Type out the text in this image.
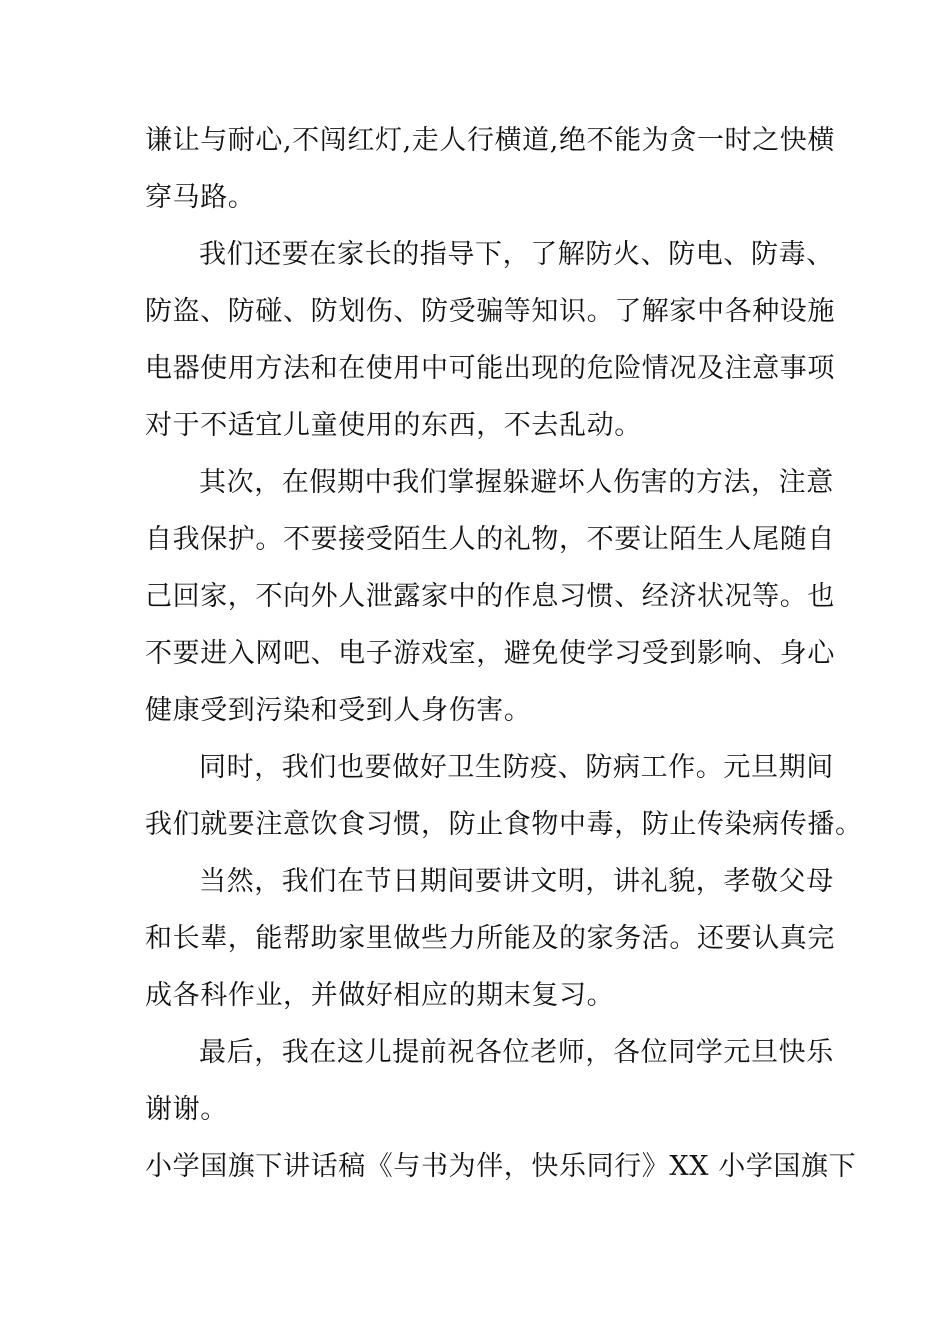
谦让与耐心,不闯红灯,走人行横道,绝不能为贪一时之快横
穿马路。
我们还要在家长的指导下，了解防火、防电、防毒、
防盗、防碰、防划伤、防受骗等知识。了解家中各种设施
电器使用方法和在使用中可能出现的危险情况及注意事项
对于不适宜儿童使用的东西，不去乱动。
其次，在假期中我们掌握躲避坏人伤害的方法，注意
自我保护。不要接受陌生人的礼物，不要让陌生人尾随自
己回家，不向外人泄露家中的作息习惯、经济状况等。也
不要进入网吧、电子游戏室，避免使学习受到影响、身心
健康受到污染和受到人身伤害。
同时，我们也要做好卫生防疫、防病工作。元旦期间
我们就要注意饮食习惯，防止食物中毒，防止传染病传播。
当然，我们在节日期间要讲文明，讲礼貌，孝敬父母
和长辈，能帮助家里做些力所能及的家务活。还要认真完
成各科作业，并做好相应的期末复习。
最后，我在这儿提前祝各位老师，各位同学元旦快乐
谢谢。
小学国旗下讲话稿《与书为伴，快乐同行》XX 小学国旗下
